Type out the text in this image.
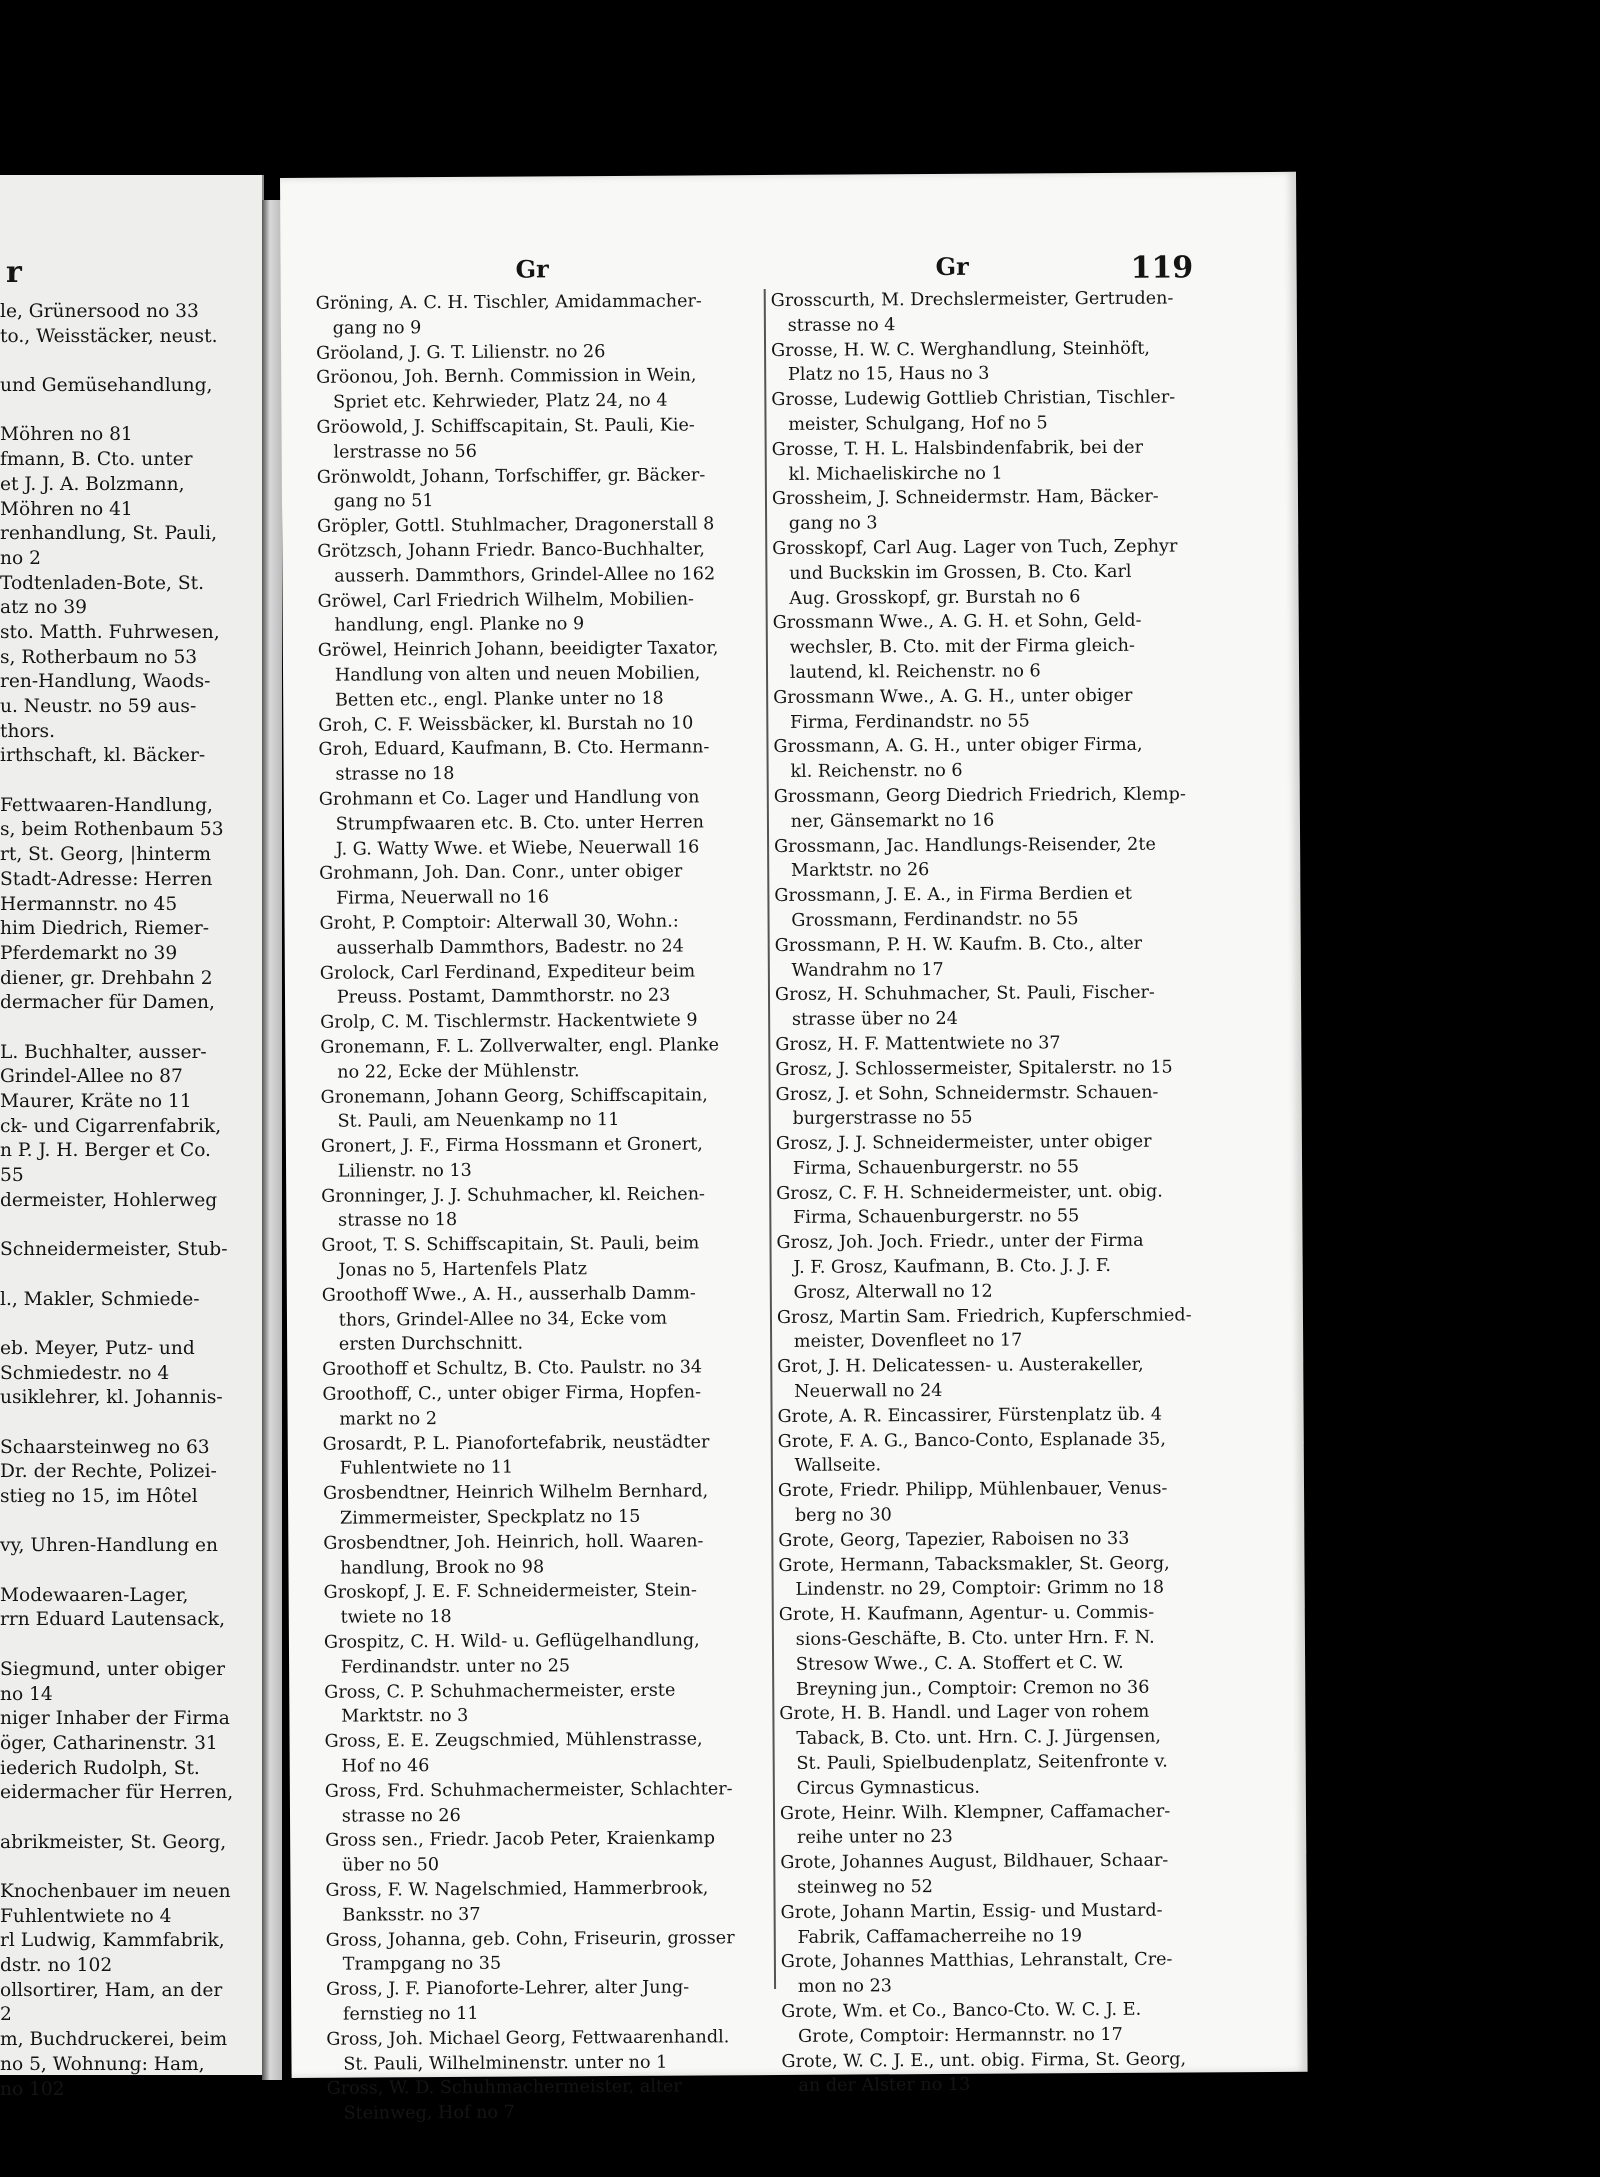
r
le, Grünersood no 33
to., Weisstäcker, neust.
und Gemüsehandlung,
Möhren no 81
fmann, B. Cto. unter
et J. J. A. Bolzmann,
Möhren no 41
renhandlung, St. Pauli,
no 2
Todtenladen-Bote, St.
atz no 39
sto. Matth. Fuhrwesen,
s, Rotherbaum no 53
ren-Handlung, Waods-
u. Neustr. no 59 aus-
thors.
irthschaft, kl. Bäcker-
Fettwaaren-Handlung,
s, beim Rothenbaum 53
rt, St. Georg, |hinterm
Stadt-Adresse: Herren
Hermannstr. no 45
him Diedrich, Riemer-
Pferdemarkt no 39
diener, gr. Drehbahn 2
dermacher für Damen,
L. Buchhalter, ausser-
Grindel-Allee no 87
Maurer, Kräte no 11
ck- und Cigarrenfabrik,
n P. J. H. Berger et Co.
55
dermeister, Hohlerweg
Schneidermeister, Stub-
l., Makler, Schmiede-
eb. Meyer, Putz- und
Schmiedestr. no 4
usiklehrer, kl. Johannis-
Schaarsteinweg no 63
Dr. der Rechte, Polizei-
stieg no 15, im Hôtel
vy, Uhren-Handlung en
Modewaaren-Lager,
rrn Eduard Lautensack,
Siegmund, unter obiger
no 14
niger Inhaber der Firma
öger, Catharinenstr. 31
iederich Rudolph, St.
eidermacher für Herren,
abrikmeister, St. Georg,
Knochenbauer im neuen
Fuhlentwiete no 4
rl Ludwig, Kammfabrik,
dstr. no 102
ollsortirer, Ham, an der
2
m, Buchdruckerei, beim
no 5, Wohnung: Ham,
no 102
Gr	Gr	119
Gröning, A. C. H. Tischler, Amidammacher-
gang no 9
Gröoland, J. G. T. Lilienstr. no 26
Gröonou, Joh. Bernh. Commission in Wein,
Spriet etc. Kehrwieder, Platz 24, no 4
Gröowold, J. Schiffscapitain, St. Pauli, Kie-
lerstrasse no 56
Grönwoldt, Johann, Torfschiffer, gr. Bäcker-
gang no 51
Gröpler, Gottl. Stuhlmacher, Dragonerstall 8
Grötzsch, Johann Friedr. Banco-Buchhalter,
ausserh. Dammthors, Grindel-Allee no 162
Gröwel, Carl Friedrich Wilhelm, Mobilien-
handlung, engl. Planke no 9
Gröwel, Heinrich Johann, beeidigter Taxator,
Handlung von alten und neuen Mobilien,
Betten etc., engl. Planke unter no 18
Groh, C. F. Weissbäcker, kl. Burstah no 10
Groh, Eduard, Kaufmann, B. Cto. Hermann-
strasse no 18
Grohmann et Co. Lager und Handlung von
Strumpfwaaren etc. B. Cto. unter Herren
J. G. Watty Wwe. et Wiebe, Neuerwall 16
Grohmann, Joh. Dan. Conr., unter obiger
Firma, Neuerwall no 16
Groht, P. Comptoir: Alterwall 30, Wohn.:
ausserhalb Dammthors, Badestr. no 24
Grolock, Carl Ferdinand, Expediteur beim
Preuss. Postamt, Dammthorstr. no 23
Grolp, C. M. Tischlermstr. Hackentwiete 9
Gronemann, F. L. Zollverwalter, engl. Planke
no 22, Ecke der Mühlenstr.
Gronemann, Johann Georg, Schiffscapitain,
St. Pauli, am Neuenkamp no 11
Gronert, J. F., Firma Hossmann et Gronert,
Lilienstr. no 13
Gronninger, J. J. Schuhmacher, kl. Reichen-
strasse no 18
Groot, T. S. Schiffscapitain, St. Pauli, beim
Jonas no 5, Hartenfels Platz
Groothoff Wwe., A. H., ausserhalb Damm-
thors, Grindel-Allee no 34, Ecke vom
ersten Durchschnitt.
Groothoff et Schultz, B. Cto. Paulstr. no 34
Groothoff, C., unter obiger Firma, Hopfen-
markt no 2
Grosardt, P. L. Pianofortefabrik, neustädter
Fuhlentwiete no 11
Grosbendtner, Heinrich Wilhelm Bernhard,
Zimmermeister, Speckplatz no 15
Grosbendtner, Joh. Heinrich, holl. Waaren-
handlung, Brook no 98
Groskopf, J. E. F. Schneidermeister, Stein-
twiete no 18
Grospitz, C. H. Wild- u. Geflügelhandlung,
Ferdinandstr. unter no 25
Gross, C. P. Schuhmachermeister, erste
Marktstr. no 3
Gross, E. E. Zeugschmied, Mühlenstrasse,
Hof no 46
Gross, Frd. Schuhmachermeister, Schlachter-
strasse no 26
Gross sen., Friedr. Jacob Peter, Kraienkamp
über no 50
Gross, F. W. Nagelschmied, Hammerbrook,
Banksstr. no 37
Gross, Johanna, geb. Cohn, Friseurin, grosser
Trampgang no 35
Gross, J. F. Pianoforte-Lehrer, alter Jung-
fernstieg no 11
Gross, Joh. Michael Georg, Fettwaarenhandl.
St. Pauli, Wilhelminenstr. unter no 1
Gross, W. D. Schuhmachermeister, alter
Steinweg, Hof no 7
Grosscurth, M. Drechslermeister, Gertruden-
strasse no 4
Grosse, H. W. C. Werghandlung, Steinhöft,
Platz no 15, Haus no 3
Grosse, Ludewig Gottlieb Christian, Tischler-
meister, Schulgang, Hof no 5
Grosse, T. H. L. Halsbindenfabrik, bei der
kl. Michaeliskirche no 1
Grossheim, J. Schneidermstr. Ham, Bäcker-
gang no 3
Grosskopf, Carl Aug. Lager von Tuch, Zephyr
und Buckskin im Grossen, B. Cto. Karl
Aug. Grosskopf, gr. Burstah no 6
Grossmann Wwe., A. G. H. et Sohn, Geld-
wechsler, B. Cto. mit der Firma gleich-
lautend, kl. Reichenstr. no 6
Grossmann Wwe., A. G. H., unter obiger
Firma, Ferdinandstr. no 55
Grossmann, A. G. H., unter obiger Firma,
kl. Reichenstr. no 6
Grossmann, Georg Diedrich Friedrich, Klemp-
ner, Gänsemarkt no 16
Grossmann, Jac. Handlungs-Reisender, 2te
Marktstr. no 26
Grossmann, J. E. A., in Firma Berdien et
Grossmann, Ferdinandstr. no 55
Grossmann, P. H. W. Kaufm. B. Cto., alter
Wandrahm no 17
Grosz, H. Schuhmacher, St. Pauli, Fischer-
strasse über no 24
Grosz, H. F. Mattentwiete no 37
Grosz, J. Schlossermeister, Spitalerstr. no 15
Grosz, J. et Sohn, Schneidermstr. Schauen-
burgerstrasse no 55
Grosz, J. J. Schneidermeister, unter obiger
Firma, Schauenburgerstr. no 55
Grosz, C. F. H. Schneidermeister, unt. obig.
Firma, Schauenburgerstr. no 55
Grosz, Joh. Joch. Friedr., unter der Firma
J. F. Grosz, Kaufmann, B. Cto. J. J. F.
Grosz, Alterwall no 12
Grosz, Martin Sam. Friedrich, Kupferschmied-
meister, Dovenfleet no 17
Grot, J. H. Delicatessen- u. Austerakeller,
Neuerwall no 24
Grote, A. R. Eincassirer, Fürstenplatz üb. 4
Grote, F. A. G., Banco-Conto, Esplanade 35,
Wallseite.
Grote, Friedr. Philipp, Mühlenbauer, Venus-
berg no 30
Grote, Georg, Tapezier, Raboisen no 33
Grote, Hermann, Tabacksmakler, St. Georg,
Lindenstr. no 29, Comptoir: Grimm no 18
Grote, H. Kaufmann, Agentur- u. Commis-
sions-Geschäfte, B. Cto. unter Hrn. F. N.
Stresow Wwe., C. A. Stoffert et C. W.
Breyning jun., Comptoir: Cremon no 36
Grote, H. B. Handl. und Lager von rohem
Taback, B. Cto. unt. Hrn. C. J. Jürgensen,
St. Pauli, Spielbudenplatz, Seitenfronte v.
Circus Gymnasticus.
Grote, Heinr. Wilh. Klempner, Caffamacher-
reihe unter no 23
Grote, Johannes August, Bildhauer, Schaar-
steinweg no 52
Grote, Johann Martin, Essig- und Mustard-
Fabrik, Caffamacherreihe no 19
Grote, Johannes Matthias, Lehranstalt, Cre-
mon no 23
Grote, Wm. et Co., Banco-Cto. W. C. J. E.
Grote, Comptoir: Hermannstr. no 17
Grote, W. C. J. E., unt. obig. Firma, St. Georg,
an der Alster no 13
